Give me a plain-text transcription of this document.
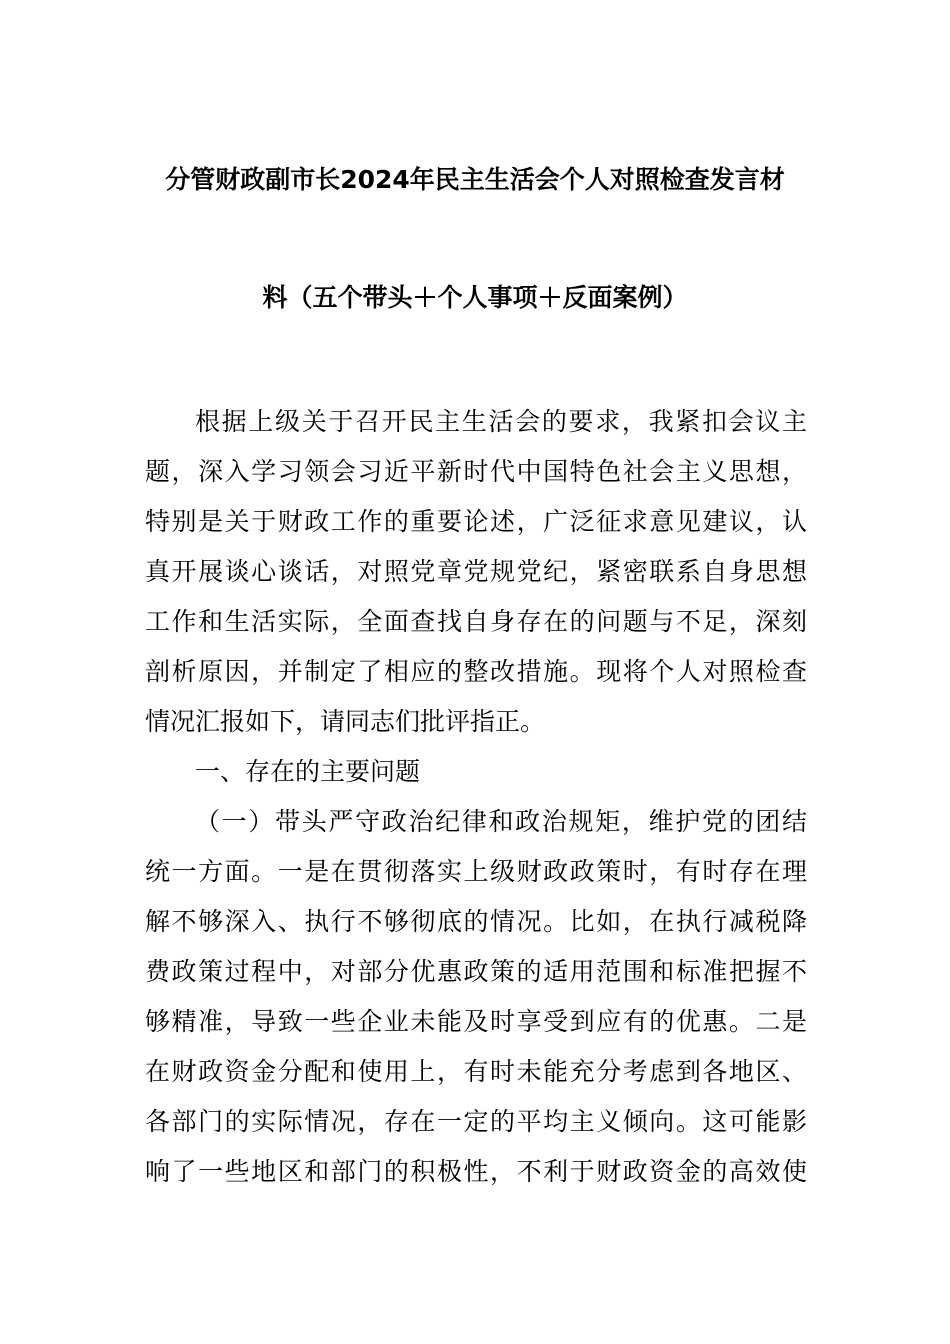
分管财政副市长2024年民主生活会个人对照检查发言材
料（五个带头＋个人事项＋反面案例）
根据上级关于召开民主生活会的要求，我紧扣会议主
题，深入学习领会习近平新时代中国特色社会主义思想，
特别是关于财政工作的重要论述，广泛征求意见建议，认
真开展谈心谈话，对照党章党规党纪，紧密联系自身思想
工作和生活实际，全面查找自身存在的问题与不足，深刻
剖析原因，并制定了相应的整改措施。现将个人对照检查
情况汇报如下，请同志们批评指正。
一、存在的主要问题
（一）带头严守政治纪律和政治规矩，维护党的团结
统一方面。一是在贯彻落实上级财政政策时，有时存在理
解不够深入、执行不够彻底的情况。比如，在执行减税降
费政策过程中，对部分优惠政策的适用范围和标准把握不
够精准，导致一些企业未能及时享受到应有的优惠。二是
在财政资金分配和使用上，有时未能充分考虑到各地区、
各部门的实际情况，存在一定的平均主义倾向。这可能影
响了一些地区和部门的积极性，不利于财政资金的高效使
